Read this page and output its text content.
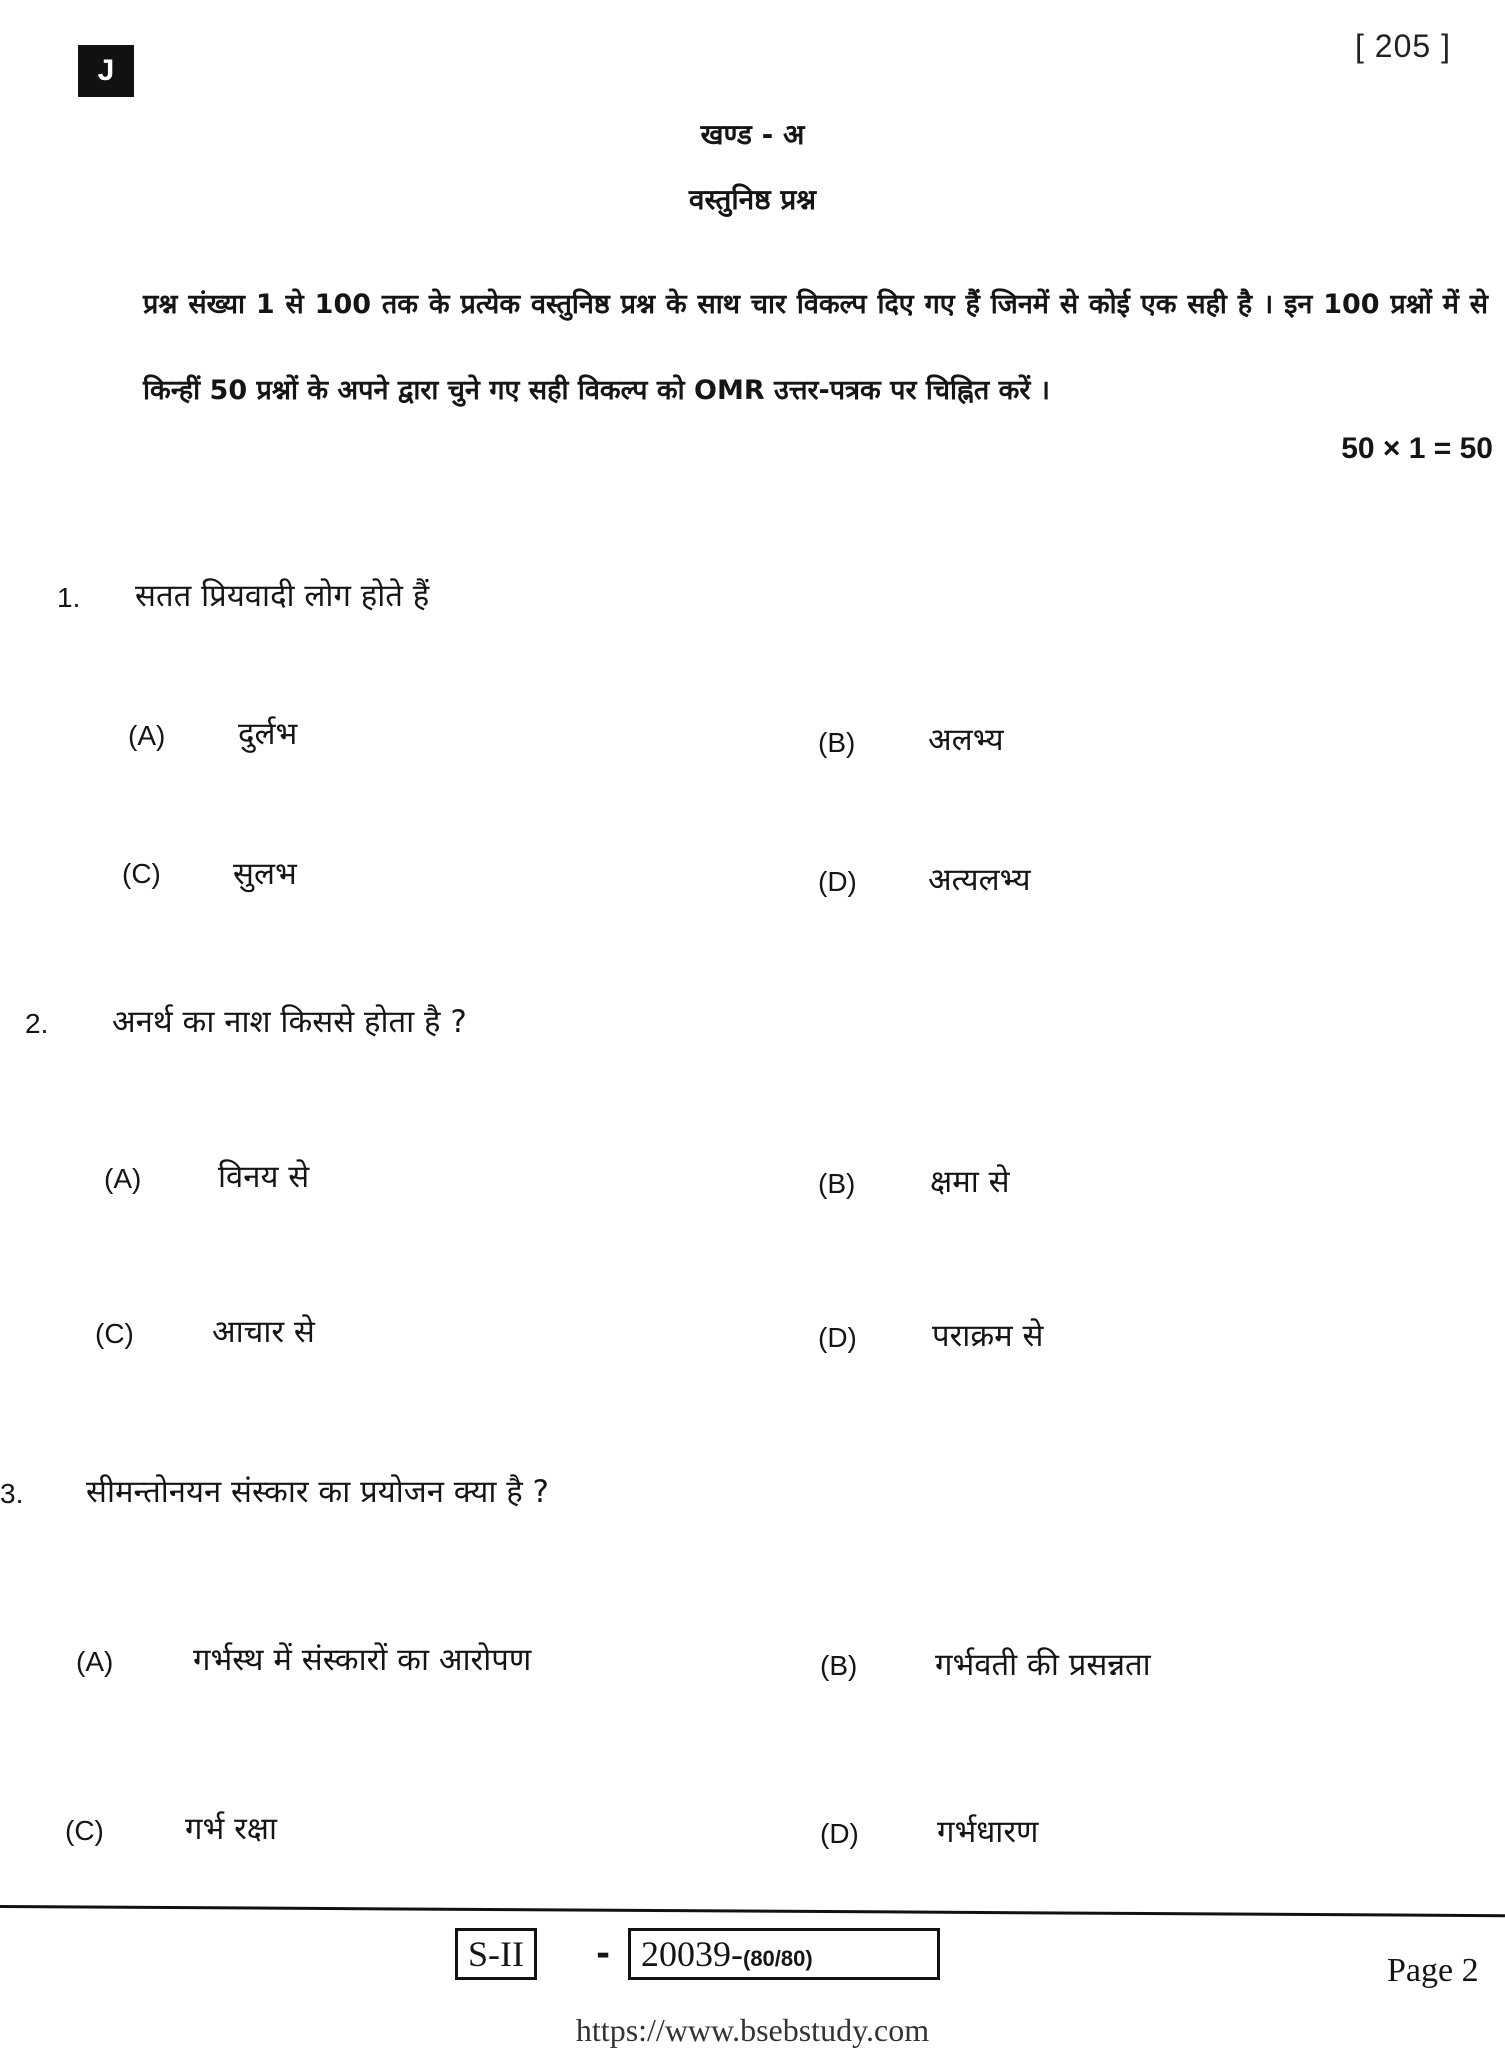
J
[ 205 ]
खण्ड - अ
वस्तुनिष्ठ प्रश्न
प्रश्न संख्या 1 से 100 तक के प्रत्येक वस्तुनिष्ठ प्रश्न के साथ चार विकल्प दिए गए हैं जिनमें से कोई एक सही है । इन 100 प्रश्नों में से किन्हीं 50 प्रश्नों के अपने द्वारा चुने गए सही विकल्प को OMR उत्तर-पत्रक पर चिह्नित करें ।
50 × 1 = 50
1. सतत प्रियवादी लोग होते हैं
(A) दुर्लभ	(B) अलभ्य
(C) सुलभ	(D) अत्यलभ्य
2. अनर्थ का नाश किससे होता है ?
(A) विनय से	(B) क्षमा से
(C)	आचार से	(D) पराक्रम से
3. सीमन्तोनयन संस्कार का प्रयोजन क्या है ?
(A)	गर्भस्थ में संस्कारों का आरोपण	(B)	गर्भवती की प्रसन्नता
(C)	गर्भ रक्षा	(D)	गर्भधारण
S-II	- 20039-(80/80)	Page 2
https://www.bsebstudy.com
